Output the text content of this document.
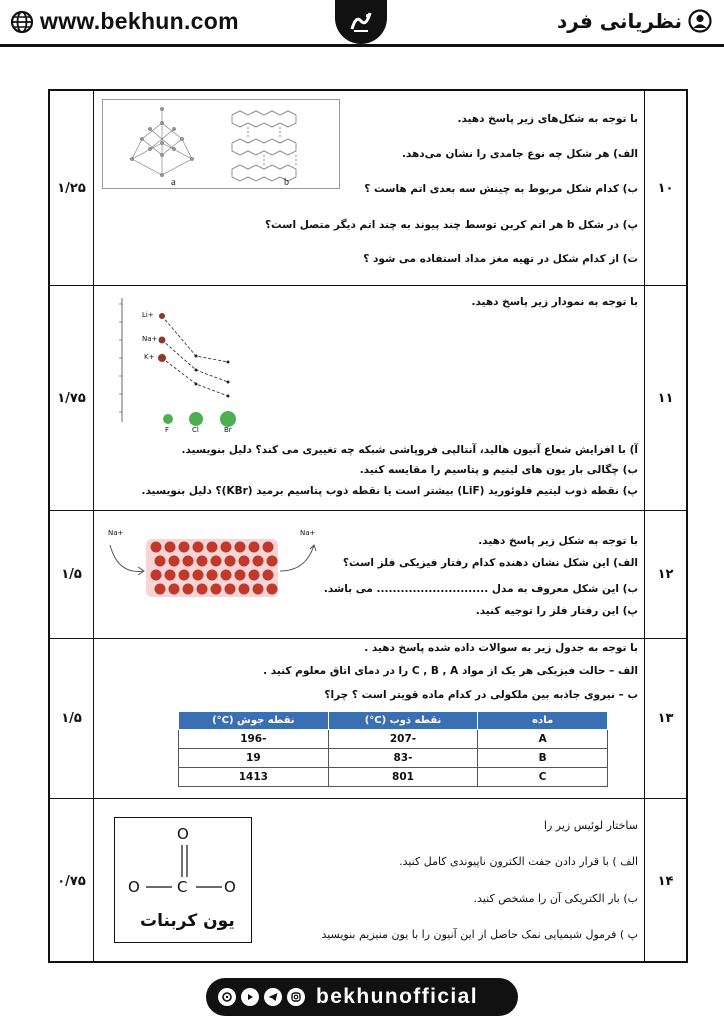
www.bekhun.com	نظریانی فرد
۱/۲۵	a	b
با توجه به شکل‌های زیر پاسخ دهید.
الف) هر شکل چه نوع جامدی را نشان می‌دهد.
ب) کدام شکل مربوط به چینش سه بعدی اتم هاست ؟
پ) در شکل b هر اتم کربن توسط چند پیوند به چند اتم دیگر متصل است؟
ت) از کدام شکل در تهیه مغز مداد استفاده می شود ؟
۱۰
۱/۷۵
Li+
Na+
K+
F	Cl	Br
با توجه به نمودار زیر پاسخ دهید.
آ) با افزایش شعاع آنیون هالید، آنتالپی فروپاشی شبکه چه تغییری می کند؟ دلیل بنویسید.
ب) چگالی بار یون های لیتیم و پتاسیم را مقایسه کنید.
پ) نقطه ذوب لیتیم فلوئورید (LiF) بیشتر است یا نقطه ذوب پتاسیم برمید (KBr)؟ دلیل بنویسید.
۱۱
۱/۵
Na+	Na+
با توجه به شکل زیر پاسخ دهید.
الف) این شکل نشان دهنده کدام رفتار فیزیکی فلز است؟
ب) این شکل معروف به مدل ............................ می باشد.
پ) این رفتار فلز را توجیه کنید.
۱۲
۱/۵
با توجه به جدول زیر به سوالات داده شده پاسخ دهید .
الف – حالت فیزیکی هر یک از مواد C , B , A را در دمای اتاق معلوم کنید .
ب – نیروی جاذبه بین ملکولی در کدام ماده قویتر است ؟ چرا؟
ماده	نقطه ذوب (C°)	نقطه جوش (C°)
A	-207	-196
B	-83	19
C	801	1413
۱۳
۰/۷۵
O
C
O	O
یون کربنات
ساختار لوئیس زیر را
الف ) با قرار دادن جفت الکترون ناپیوندی کامل کنید.
ب) بار الکتریکی آن را مشخص کنید.
پ ) فرمول شیمیایی نمک حاصل از این آنیون را با یون منیزیم بنویسید
۱۴
bekhunofficial
